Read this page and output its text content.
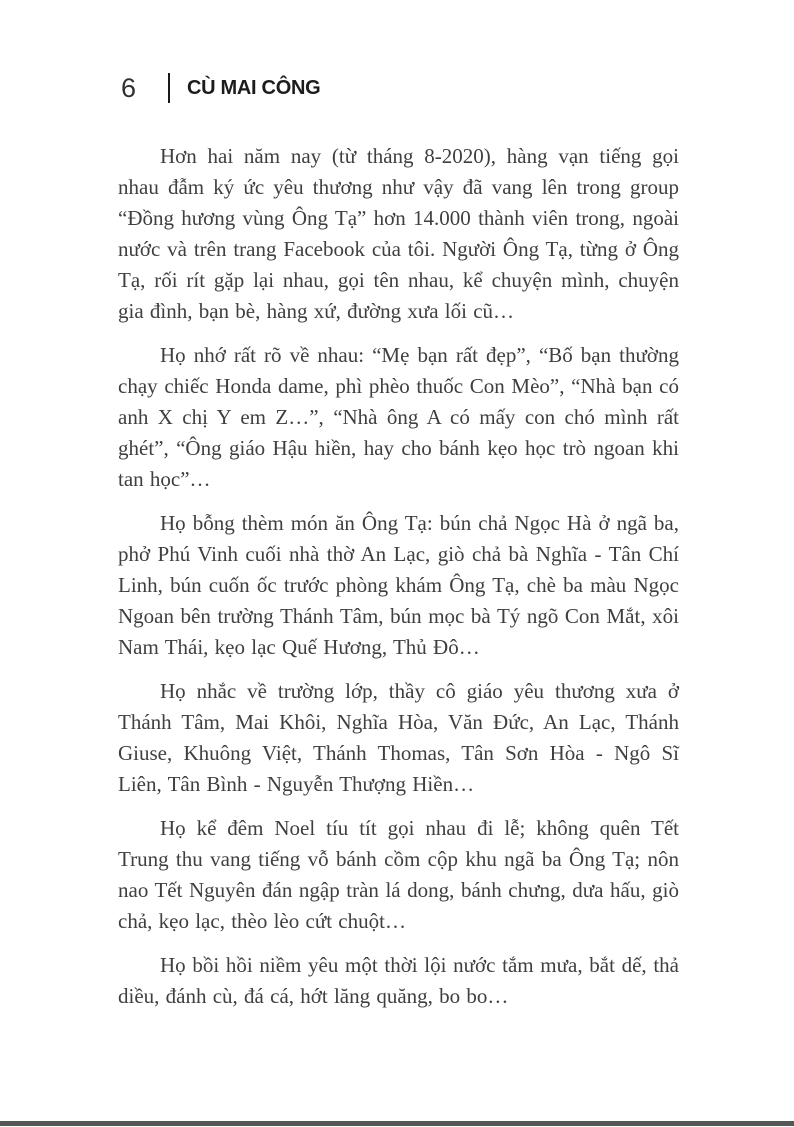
6	CÙ MAI CÔNG

Hơn hai năm nay (từ tháng 8-2020), hàng vạn tiếng gọi nhau đẫm ký ức yêu thương như vậy đã vang lên trong group “Đồng hương vùng Ông Tạ” hơn 14.000 thành viên trong, ngoài nước và trên trang Facebook của tôi. Người Ông Tạ, từng ở Ông Tạ, rối rít gặp lại nhau, gọi tên nhau, kể chuyện mình, chuyện gia đình, bạn bè, hàng xứ, đường xưa lối cũ…

Họ nhớ rất rõ về nhau: “Mẹ bạn rất đẹp”, “Bố bạn thường chạy chiếc Honda dame, phì phèo thuốc Con Mèo”, “Nhà bạn có anh X chị Y em Z…”, “Nhà ông A có mấy con chó mình rất ghét”, “Ông giáo Hậu hiền, hay cho bánh kẹo học trò ngoan khi tan học”…

Họ bỗng thèm món ăn Ông Tạ: bún chả Ngọc Hà ở ngã ba, phở Phú Vinh cuối nhà thờ An Lạc, giò chả bà Nghĩa - Tân Chí Linh, bún cuốn ốc trước phòng khám Ông Tạ, chè ba màu Ngọc Ngoan bên trường Thánh Tâm, bún mọc bà Tý ngõ Con Mắt, xôi Nam Thái, kẹo lạc Quế Hương, Thủ Đô…

Họ nhắc về trường lớp, thầy cô giáo yêu thương xưa ở Thánh Tâm, Mai Khôi, Nghĩa Hòa, Văn Đức, An Lạc, Thánh Giuse, Khuông Việt, Thánh Thomas, Tân Sơn Hòa - Ngô Sĩ Liên, Tân Bình - Nguyễn Thượng Hiền…

Họ kể đêm Noel tíu tít gọi nhau đi lễ; không quên Tết Trung thu vang tiếng vỗ bánh cồm cộp khu ngã ba Ông Tạ; nôn nao Tết Nguyên đán ngập tràn lá dong, bánh chưng, dưa hấu, giò chả, kẹo lạc, thèo lèo cứt chuột…

Họ bồi hồi niềm yêu một thời lội nước tắm mưa, bắt dế, thả diều, đánh cù, đá cá, hớt lăng quăng, bo bo…
